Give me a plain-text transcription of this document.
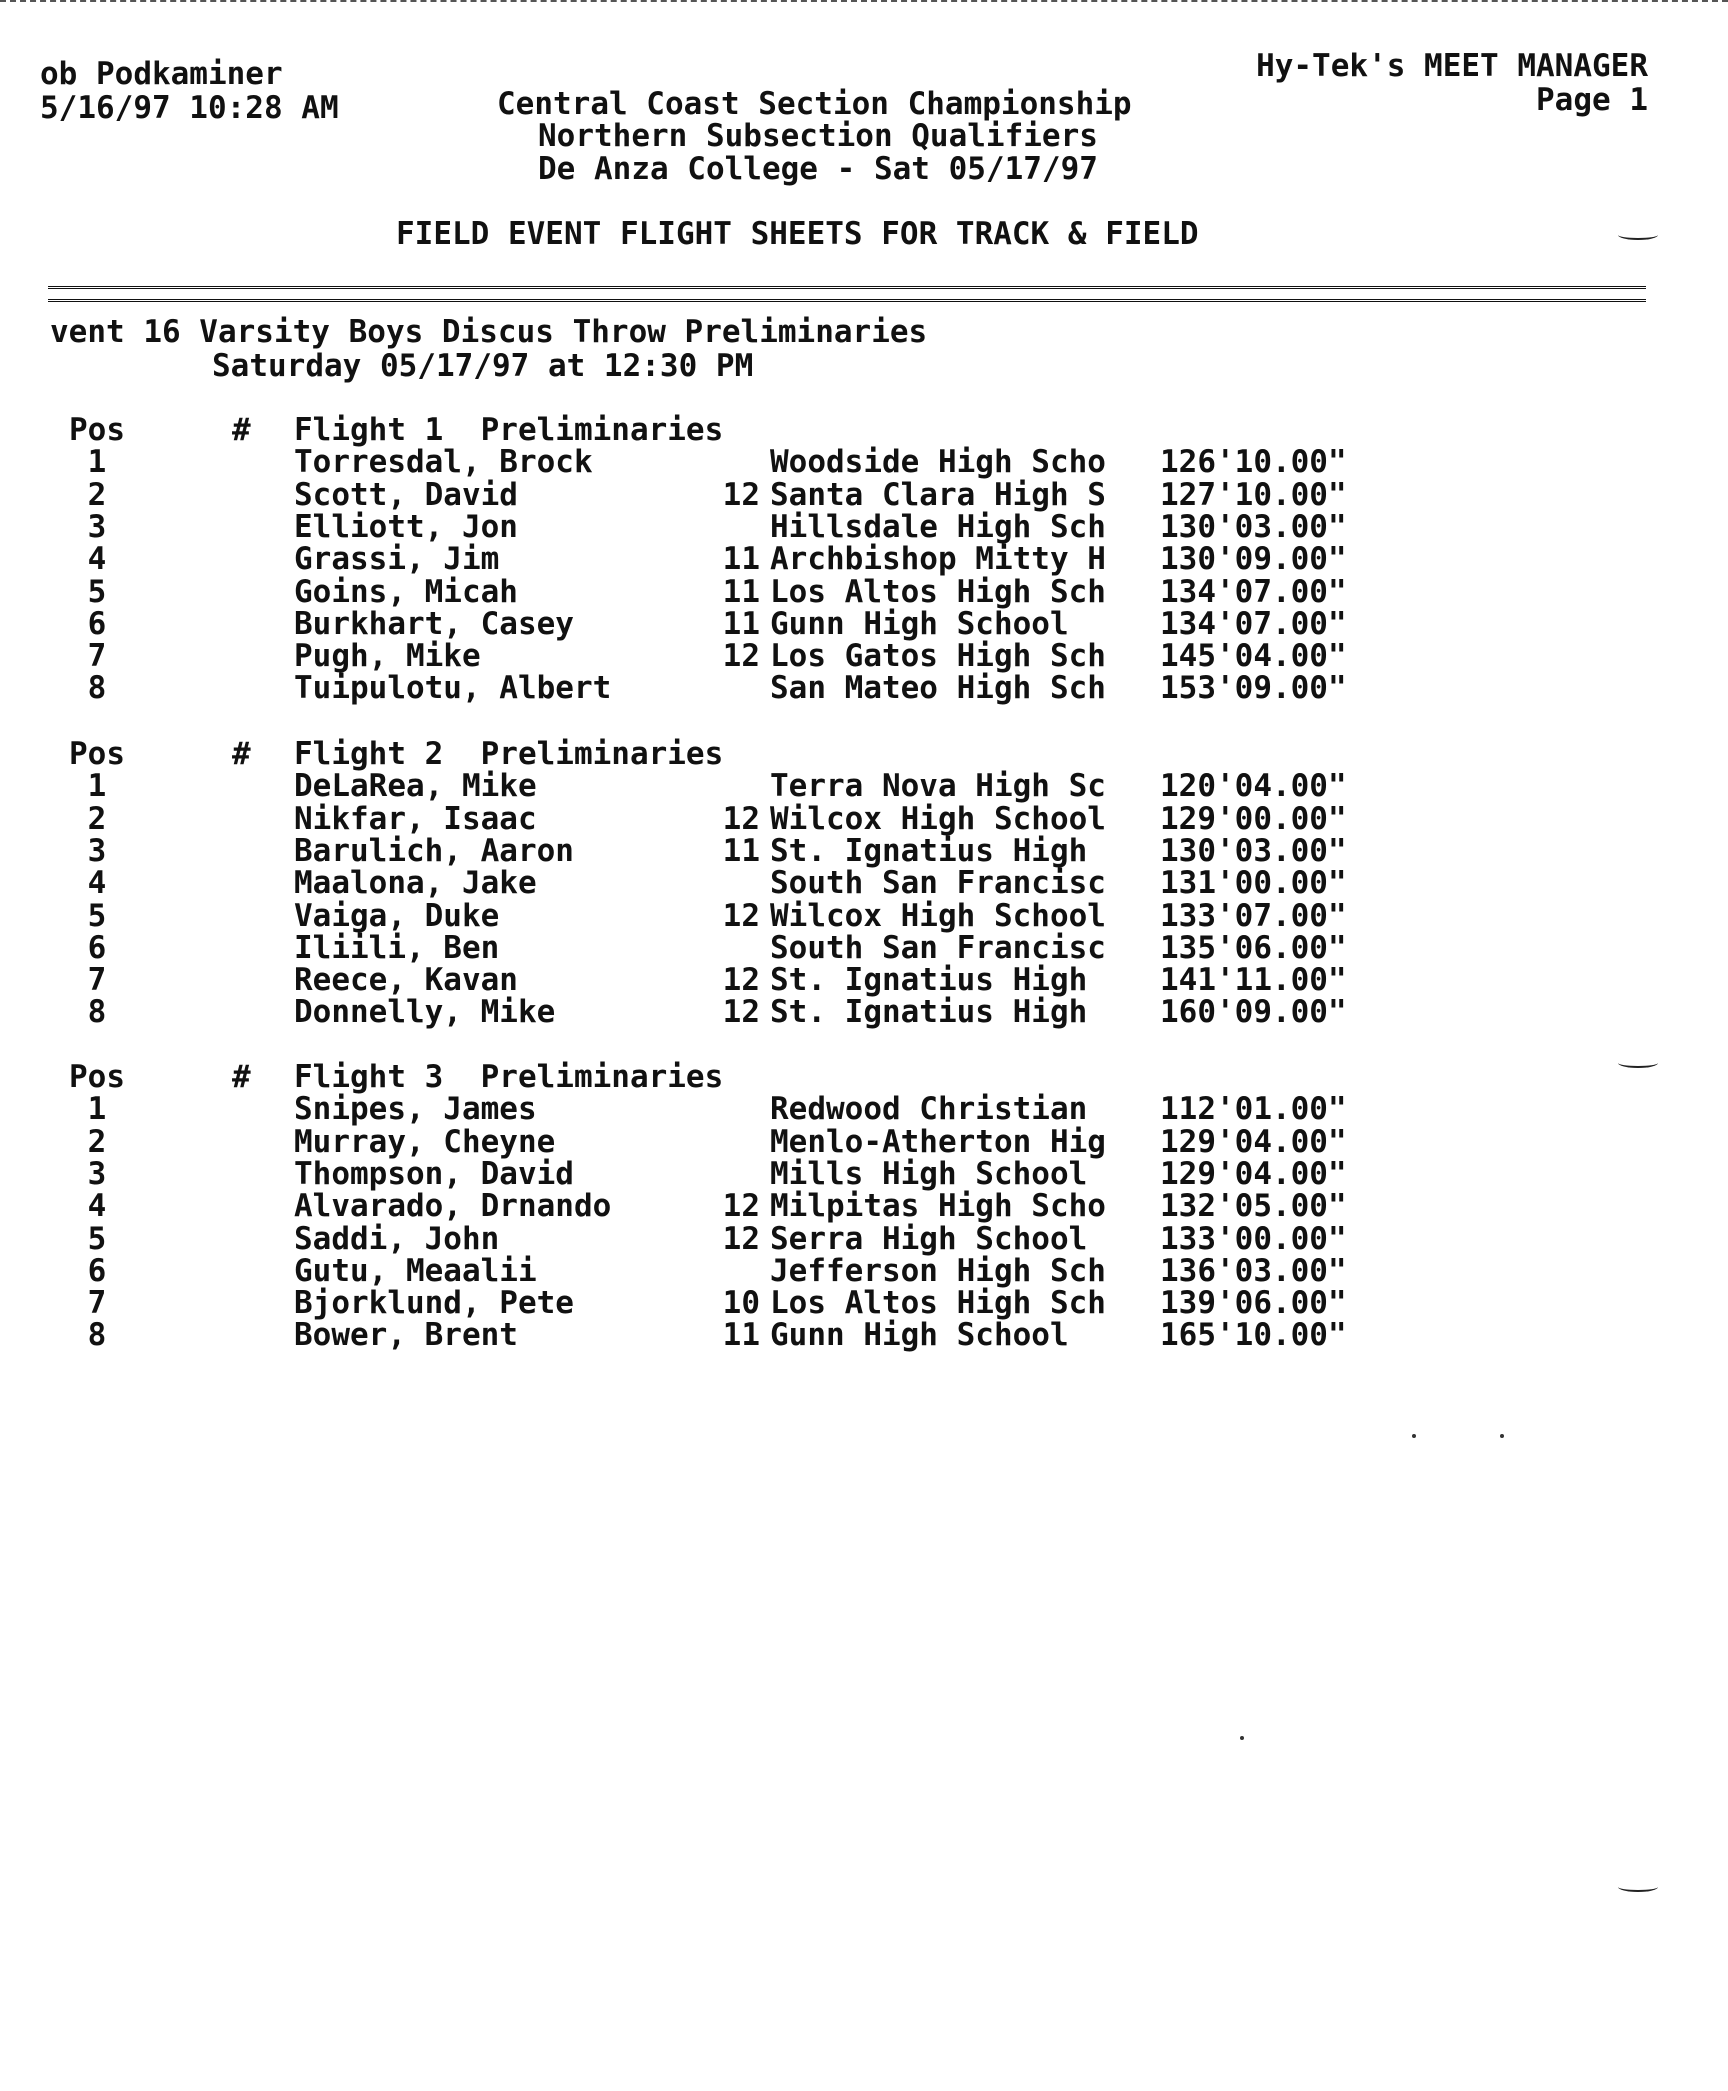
ob Podkaminer
5/16/97 10:28 AM
Hy-Tek's MEET MANAGER
Page 1
Central Coast Section Championship
Northern Subsection Qualifiers
De Anza College - Sat 05/17/97
FIELD EVENT FLIGHT SHEETS FOR TRACK & FIELD
vent 16 Varsity Boys Discus Throw Preliminaries
Saturday 05/17/97 at 12:30 PM
Pos	# Flight 1  Preliminaries
1	Torresdal, Brock	Woodside High Scho 126'10.00"
2	Scott, David	12 Santa Clara High S 127'10.00"
3	Elliott, Jon	Hillsdale High Sch 130'03.00"
4	Grassi, Jim	11 Archbishop Mitty H 130'09.00"
5	Goins, Micah	11 Los Altos High Sch 134'07.00"
6	Burkhart, Casey	11 Gunn High School	134'07.00"
7	Pugh, Mike	12 Los Gatos High Sch 145'04.00"
8	Tuipulotu, Albert	San Mateo High Sch 153'09.00"
Pos	# Flight 2  Preliminaries
1	DeLaRea, Mike	Terra Nova High Sc 120'04.00"
2	Nikfar, Isaac	12 Wilcox High School 129'00.00"
3	Barulich, Aaron	11 St. Ignatius High 130'03.00"
4	Maalona, Jake	South San Francisc 131'00.00"
5	Vaiga, Duke	12 Wilcox High School 133'07.00"
6	Iliili, Ben	South San Francisc 135'06.00"
7	Reece, Kavan	12 St. Ignatius High 141'11.00"
8	Donnelly, Mike	12 St. Ignatius High 160'09.00"
Pos	# Flight 3  Preliminaries
1	Snipes, James	Redwood Christian 112'01.00"
2	Murray, Cheyne	Menlo-Atherton Hig 129'04.00"
3	Thompson, David	Mills High School 129'04.00"
4	Alvarado, Drnando	12 Milpitas High Scho 132'05.00"
5	Saddi, John	12 Serra High School 133'00.00"
6	Gutu, Meaalii	Jefferson High Sch 136'03.00"
7	Bjorklund, Pete	10 Los Altos High Sch 139'06.00"
8	Bower, Brent	11 Gunn High School	165'10.00"
